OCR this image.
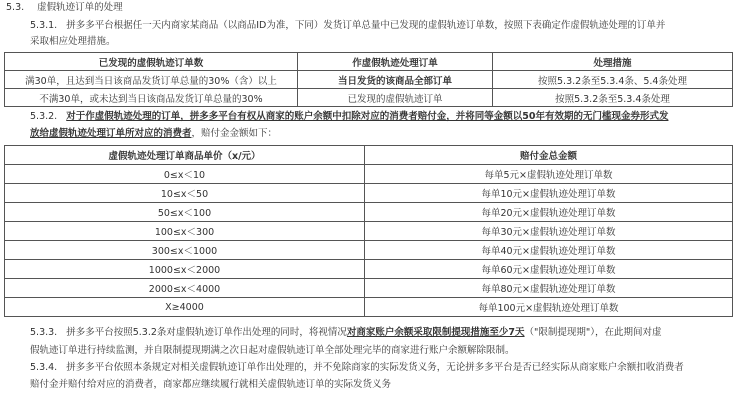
5.3. 虚假轨迹订单的处理
5.3.1. 拼多多平台根据任一天内商家某商品（以商品ID为准，下同）发货订单总量中已发现的虚假轨迹订单数，按照下表确定作虚假轨迹处理的订单并
采取相应处理措施。
已发现的虚假轨迹订单数	作虚假轨迹处理订单	处理措施
满30单，且达到当日该商品发货订单总量的30%（含）以上	当日发货的该商品全部订单	按照5.3.2条至5.3.4条、5.4条处理
不满30单，或未达到当日该商品发货订单总量的30%	已发现的虚假轨迹订单	按照5.3.2条至5.3.4条处理
5.3.2. 对于作虚假轨迹处理的订单，拼多多平台有权从商家的账户余额中扣除对应的消费者赔付金，并将同等金额以50年有效期的无门槛现金券形式发
放给虚假轨迹处理订单所对应的消费者，赔付金金额如下：
虚假轨迹处理订单商品单价（x/元）	赔付金总金额
0≤x＜10	每单5元×虚假轨迹处理订单数
10≤x＜50	每单10元×虚假轨迹处理订单数
50≤x＜100	每单20元×虚假轨迹处理订单数
100≤x＜300	每单30元×虚假轨迹处理订单数
300≤x＜1000	每单40元×虚假轨迹处理订单数
1000≤x＜2000	每单60元×虚假轨迹处理订单数
2000≤x＜4000	每单80元×虚假轨迹处理订单数
X≥4000	每单100元×虚假轨迹处理订单数
5.3.3. 拼多多平台按照5.3.2条对虚假轨迹订单作出处理的同时，将视情况对商家账户余额采取限制提现措施至少7天（"限制提现期"），在此期间对虚
假轨迹订单进行持续监测，并自限制提现期满之次日起对虚假轨迹订单全部处理完毕的商家进行账户余额解除限制。
5.3.4. 拼多多平台依照本条规定对相关虚假轨迹订单作出处理的，并不免除商家的实际发货义务，无论拼多多平台是否已经实际从商家账户余额扣收消费者
赔付金并赔付给对应的消费者，商家都应继续履行就相关虚假轨迹订单的实际发货义务
